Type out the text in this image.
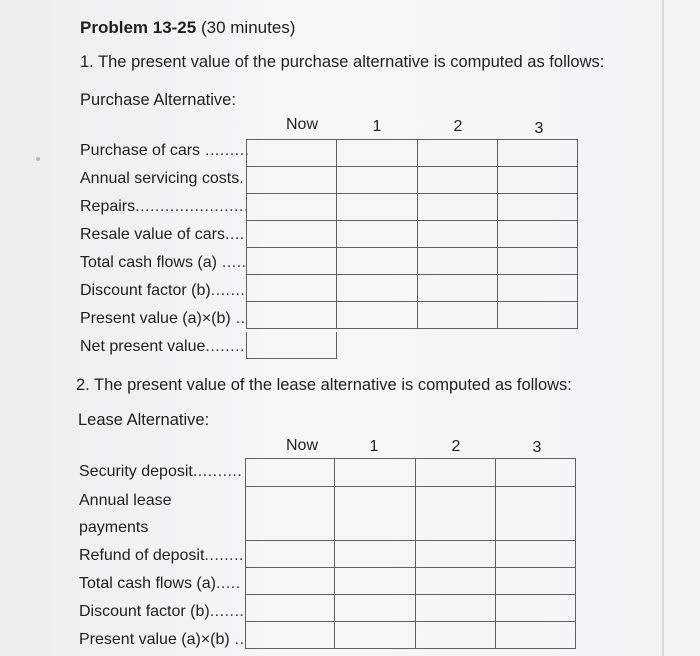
Problem 13-25 (30 minutes)
1. The present value of the purchase alternative is computed as follows:
Purchase Alternative:
Now	1	2	3
Purchase of cars .........
Annual servicing costs.
Repairs.......................
Resale value of cars....
Total cash flows (a) .....
Discount factor (b).......
Present value (a)×(b) ..
Net present value........

2. The present value of the lease alternative is computed as follows:
Lease Alternative:
Now	1	2	3
Security deposit..........
Annual lease
payments
Refund of deposit........
Total cash flows (a).....
Discount factor (b).......
Present value (a)×(b) ..
